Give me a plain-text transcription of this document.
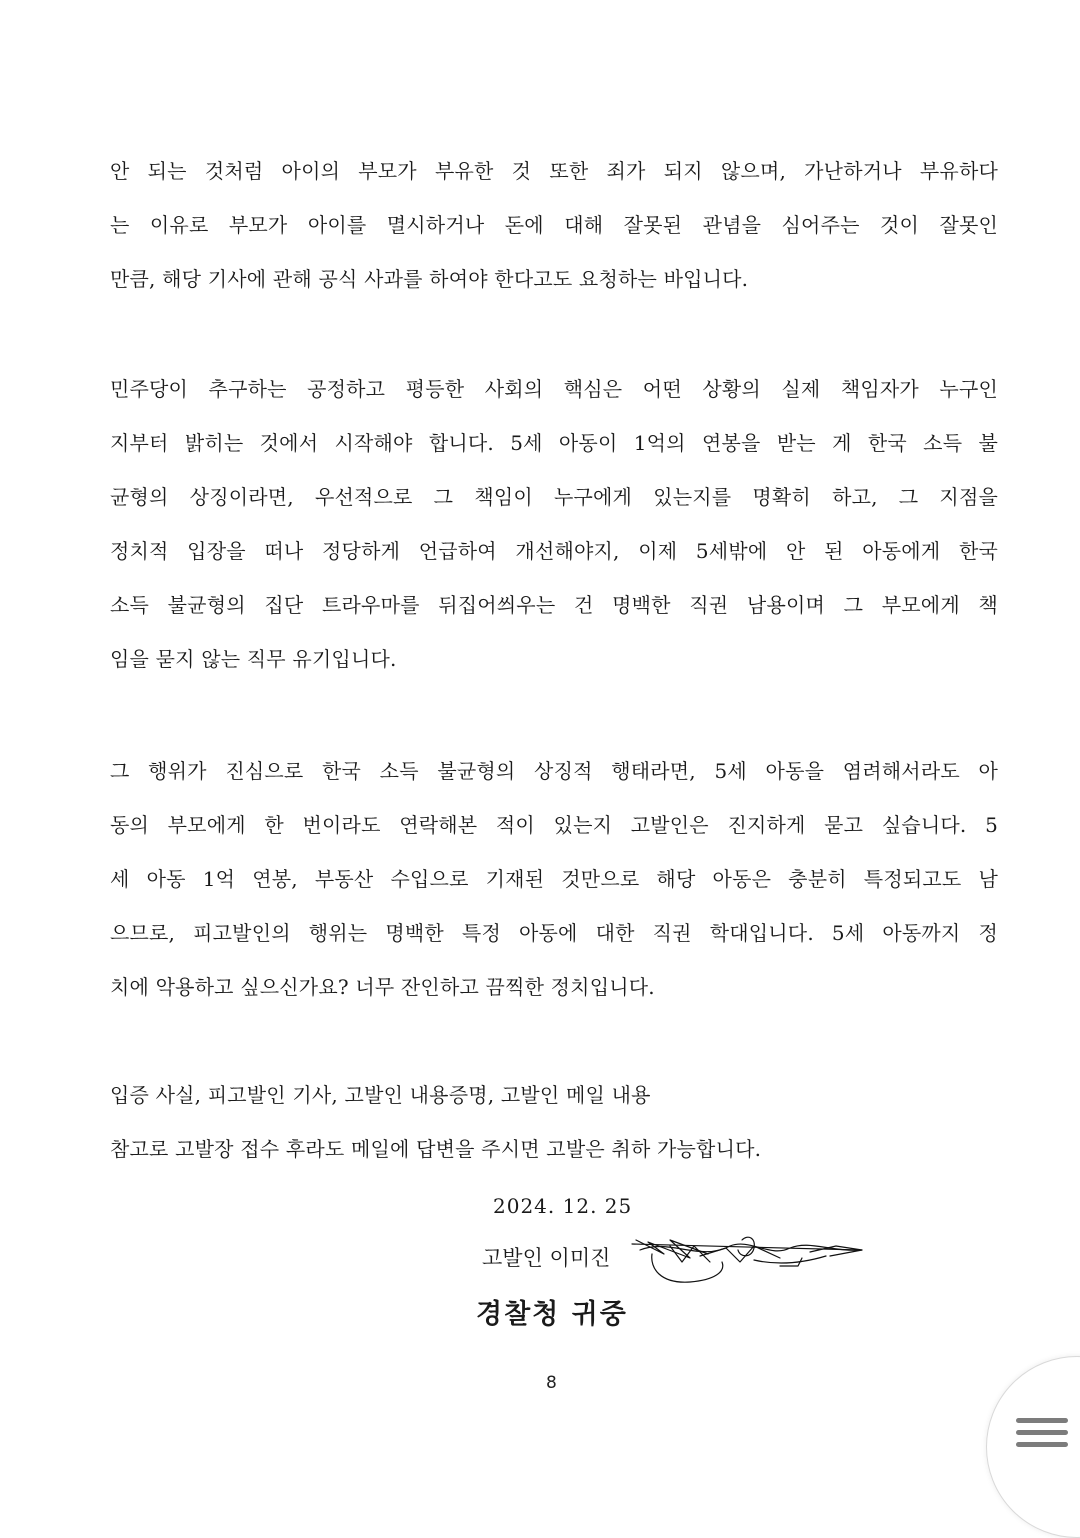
안 되는 것처럼 아이의 부모가 부유한 것 또한 죄가 되지 않으며, 가난하거나 부유하다
는 이유로 부모가 아이를 멸시하거나 돈에 대해 잘못된 관념을 심어주는 것이 잘못인
만큼, 해당 기사에 관해 공식 사과를 하여야 한다고도 요청하는 바입니다.
민주당이 추구하는 공정하고 평등한 사회의 핵심은 어떤 상황의 실제 책임자가 누구인
지부터 밝히는 것에서 시작해야 합니다. 5세 아동이 1억의 연봉을 받는 게 한국 소득 불
균형의 상징이라면, 우선적으로 그 책임이 누구에게 있는지를 명확히 하고, 그 지점을
정치적 입장을 떠나 정당하게 언급하여 개선해야지, 이제 5세밖에 안 된 아동에게 한국
소득 불균형의 집단 트라우마를 뒤집어씌우는 건 명백한 직권 남용이며 그 부모에게 책
임을 묻지 않는 직무 유기입니다.
그 행위가 진심으로 한국 소득 불균형의 상징적 행태라면, 5세 아동을 염려해서라도 아
동의 부모에게 한 번이라도 연락해본 적이 있는지 고발인은 진지하게 묻고 싶습니다. 5
세 아동 1억 연봉, 부동산 수입으로 기재된 것만으로 해당 아동은 충분히 특정되고도 남
으므로, 피고발인의 행위는 명백한 특정 아동에 대한 직권 학대입니다. 5세 아동까지 정
치에 악용하고 싶으신가요? 너무 잔인하고 끔찍한 정치입니다.
입증 사실, 피고발인 기사, 고발인 내용증명, 고발인 메일 내용
참고로 고발장 접수 후라도 메일에 답변을 주시면 고발은 취하 가능합니다.
2024. 12. 25
고발인 이미진
경찰청 귀중
8
